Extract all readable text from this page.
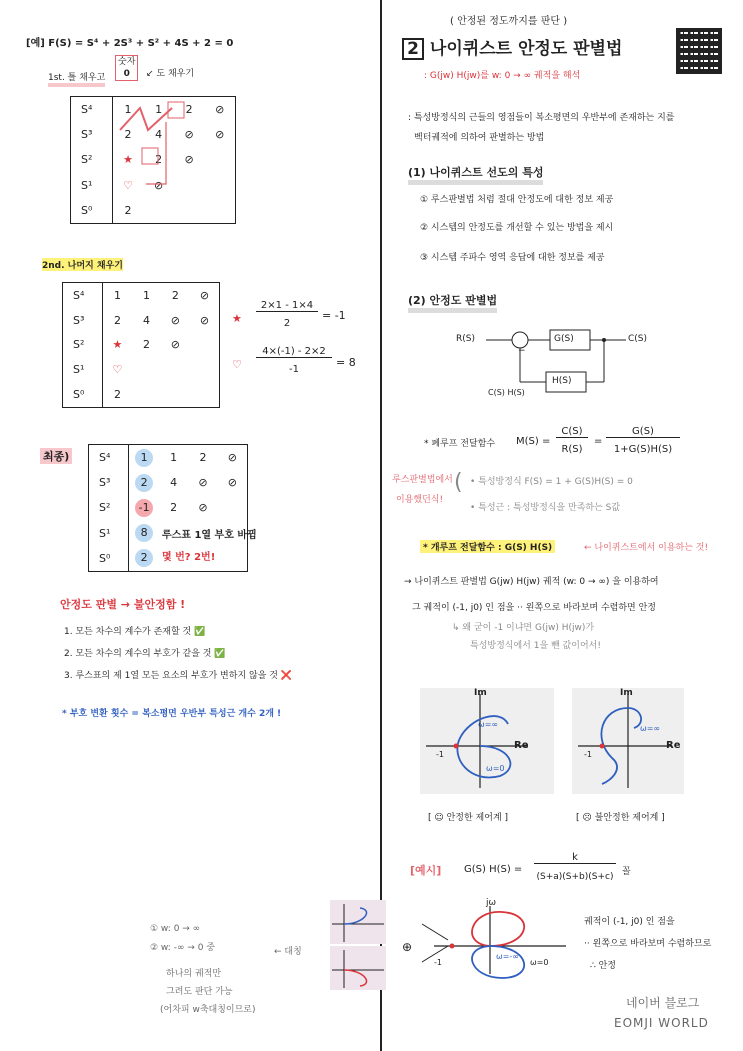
[예] F(S) = S⁴ + 2S³ + S² + 4S + 2 = 0
1st. 틀 채우고
숫자
0	↙ 도 채우기
S⁴	1	1	2	⊘
S³	2	4	⊘	⊘
S²	★	2	⊘	
S¹	♡	⊘		
S⁰	2			
2nd. 나머지 채우기
S⁴	1	1	2	⊘
S³	2	4	⊘	⊘
S²	★	2	⊘	
S¹	♡			
S⁰	2			
★
2×1 - 1×4
2
= -1
♡
4×(-1) - 2×2
-1
= 8
최종)	S⁴	1	1	2	⊘
S³	2	4	⊘	⊘
S²	-1	2	⊘	
S¹	8			
S⁰	2			
루스표 1열 부호 바뀜
몇 번? 2번!
안정도 판별 → 불안정함 !
1. 모든 차수의 계수가 존재할 것 ✅
2. 모든 차수의 계수의 부호가 같을 것 ✅
3. 루스표의 제 1열 모든 요소의 부호가 변하지 않을 것 ❌
* 부호 변환 횟수 = 복소평면 우반부 특성근 개수 2개 !
( 안정된 정도까지를 판단 )
2 나이퀴스트 안정도 판별법
: G(jw) H(jw)를 w: 0 → ∞ 궤적을 해석
: 특성방정식의 근들의 영점들이 복소평면의 우반부에 존재하는 지를
벡터궤적에 의하여 판별하는 방법
(1) 나이퀴스트 선도의 특성
① 루스판별법 처럼 절대 안정도에 대한 정보 제공
② 시스템의 안정도를 개선할 수 있는 방법을 제시
③ 시스템 주파수 영역 응답에 대한 정보를 제공
(2) 안정도 판별법
R(S)	G(S)	C(S)
H(S)
−
C(S) H(S)
* 폐루프 전달함수 M(S) =
C(S)
R(S)
=
G(S)
1+G(S)H(S)
루스판별법에서
이용했던식!
( • 특성방정식 F(S) = 1 + G(S)H(S) = 0
• 특성근 : 특성방정식을 만족하는 S값
* 개루프 전달함수 : G(S) H(S)	← 나이퀴스트에서 이용하는 것!
→ 나이퀴스트 판별법 G(jw) H(jw) 궤적 (w: 0 → ∞) 을 이용하여
그 궤적이 (-1, j0) 인 점을 ·· 왼쪽으로 바라보며 수렴하면 안정
↳ 왜 굳이 -1 이냐면 G(jw) H(jw)가
특성방정식에서 1을 뺀 값이어서!
Im
Re
-1
ω=∞
ω=0
Im
Re
-1
ω=∞
[ ☺ 안정한 제어계 ]	[ ☹ 불안정한 제어계 ]
[예시] G(S) H(S) =
k
(S+a)(S+b)(S+c) 꼴
⊕
jω
-1
ω=-∞
ω=0
① w: 0 → ∞
② w: -∞ → 0 중	← 대칭
하나의 궤적만
그려도 판단 가능
(어차피 w축대칭이므로)
궤적이 (-1, j0) 인 점을
·· 왼쪽으로 바라보며 수렴하므로
∴ 안정
네이버 블로그
EOMJI WORLD
